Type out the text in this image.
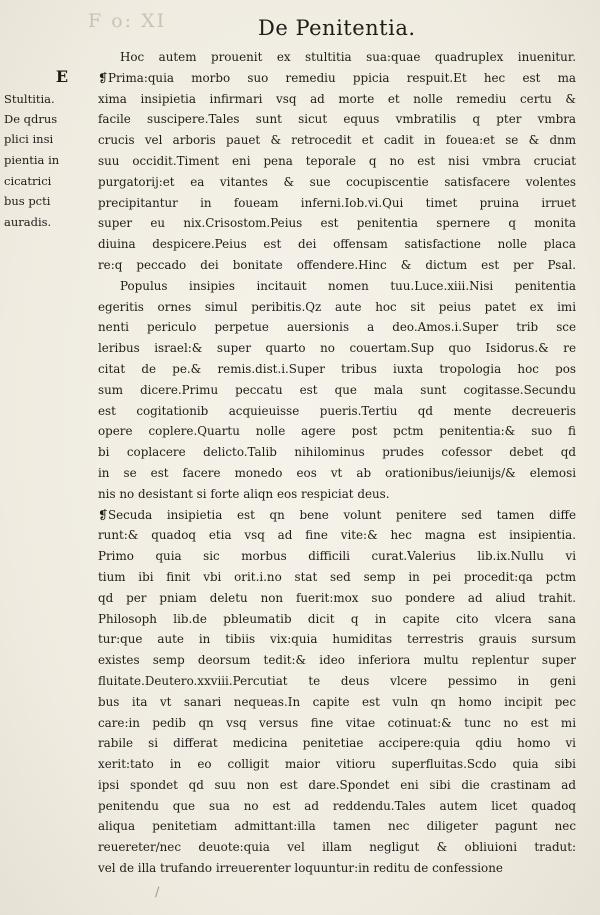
F o: XI	De Penitentia.
E
Stultitia.
De qdrus
plici insi
pientia in
cicatrici
bus pcti
auradis.
Hoc autem prouenit ex stultitia sua:quae quadruplex inuenitur.
❡Prima:quia morbo suo remediu ppicia respuit.Et hec est ma
xima insipietia infirmari vsq ad morte et nolle remediu certu &
facile suscipere.Tales sunt sicut equus vmbratilis q pter vmbra
crucis vel arboris pauet & retrocedit et cadit in fouea:et se & dnm
suu occidit.Timent eni pena teporale q no est nisi vmbra cruciat
purgatorij:et ea vitantes & sue cocupiscentie satisfacere volentes
precipitantur in foueam inferni.Iob.vi.Qui timet pruina irruet
super eu nix.Crisostom.Peius est penitentia spernere q monita
diuina despicere.Peius est dei offensam satisfactione nolle placa
re:q peccado dei bonitate offendere.Hinc & dictum est per Psal.
Populus insipies incitauit nomen tuu.Luce.xiii.Nisi penitentia
egeritis ornes simul peribitis.Qz aute hoc sit peius patet ex imi
nenti periculo perpetue auersionis a deo.Amos.i.Super trib sce
leribus israel:& super quarto no couertam.Sup quo Isidorus.& re
citat de pe.& remis.dist.i.Super tribus iuxta tropologia hoc pos
sum dicere.Primu peccatu est que mala sunt cogitasse.Secundu
est cogitationib acquieuisse pueris.Tertiu qd mente decreueris
opere coplere.Quartu nolle agere post pctm penitentia:& suo fi
bi coplacere delicto.Talib nihilominus prudes cofessor debet qd
in se est facere monedo eos vt ab orationibus/ieiunijs/& elemosi
nis no desistant si forte aliqn eos respiciat deus.
❡Secuda insipietia est qn bene volunt penitere sed tamen diffe
runt:& quadoq etia vsq ad fine vite:& hec magna est insipientia.
Primo quia sic morbus difficili curat.Valerius lib.ix.Nullu vi
tium ibi finit vbi orit.i.no stat sed semp in pei procedit:qa pctm
qd per pniam deletu non fuerit:mox suo pondere ad aliud trahit.
Philosoph lib.de pbleumatib dicit q in capite cito vlcera sana
tur:que aute in tibiis vix:quia humiditas terrestris grauis sursum
existes semp deorsum tedit:& ideo inferiora multu replentur super
fluitate.Deutero.xxviii.Percutiat te deus vlcere pessimo in geni
bus ita vt sanari nequeas.In capite est vuln qn homo incipit pec
care:in pedib qn vsq versus fine vitae cotinuat:& tunc no est mi
rabile si differat medicina penitetiae accipere:quia qdiu homo vi
xerit:tato in eo colligit maior vitioru superfluitas.Scdo quia sibi
ipsi spondet qd suu non est dare.Spondet eni sibi die crastinam ad
penitendu que sua no est ad reddendu.Tales autem licet quadoq
aliqua penitetiam admittant:illa tamen nec diligeter pagunt nec
reuereter/nec deuote:quia vel illam negligut & obliuioni tradut:
vel de illa trufando irreuerenter loquuntur:in reditu de confessione
/
